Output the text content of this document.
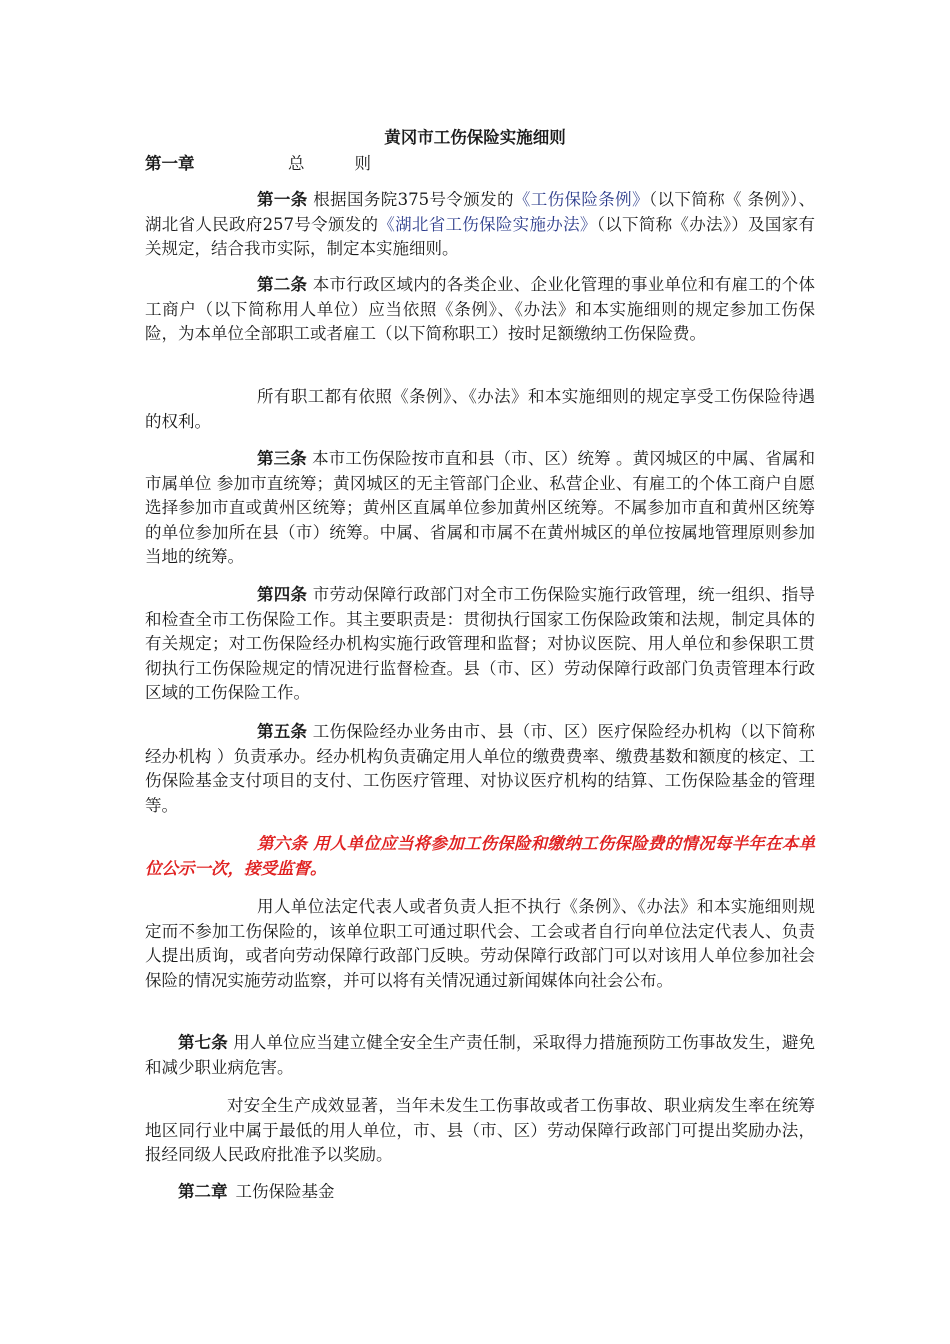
黄冈市工伤保险实施细则
第一章	总则
第一条 根据国务院375号令颁发的《工伤保险条例》（以下简称《 条例》）、湖北省人民政府257号令颁发的《湖北省工伤保险实施办法》（以下简称《办法》）及国家有关规定，结合我市实际，制定本实施细则。
第二条 本市行政区域内的各类企业、企业化管理的事业单位和有雇工的个体工商户（以下简称用人单位）应当依照《条例》、《办法》和本实施细则的规定参加工伤保险，为本单位全部职工或者雇工（以下简称职工）按时足额缴纳工伤保险费。
所有职工都有依照《条例》、《办法》和本实施细则的规定享受工伤保险待遇的权利。
第三条 本市工伤保险按市直和县（市、区）统筹 。黄冈城区的中属、省属和市属单位 参加市直统筹；黄冈城区的无主管部门企业、私营企业、有雇工的个体工商户自愿选择参加市直或黄州区统筹；黄州区直属单位参加黄州区统筹。不属参加市直和黄州区统筹的单位参加所在县（市）统筹。中属、省属和市属不在黄州城区的单位按属地管理原则参加当地的统筹。
第四条 市劳动保障行政部门对全市工伤保险实施行政管理，统一组织、指导和检查全市工伤保险工作。其主要职责是：贯彻执行国家工伤保险政策和法规，制定具体的有关规定；对工伤保险经办机构实施行政管理和监督；对协议医院、用人单位和参保职工贯彻执行工伤保险规定的情况进行监督检查。县（市、区）劳动保障行政部门负责管理本行政区域的工伤保险工作。
第五条 工伤保险经办业务由市、县（市、区）医疗保险经办机构（以下简称 经办机构 ）负责承办。经办机构负责确定用人单位的缴费费率、缴费基数和额度的核定、工伤保险基金支付项目的支付、工伤医疗管理、对协议医疗机构的结算、工伤保险基金的管理等。
第六条 用人单位应当将参加工伤保险和缴纳工伤保险费的情况每半年在本单 位公示一次，接受监督。
用人单位法定代表人或者负责人拒不执行《条例》、《办法》和本实施细则规定而不参加工伤保险的，该单位职工可通过职代会、工会或者自行向单位法定代表人、负责人提出质询，或者向劳动保障行政部门反映。劳动保障行政部门可以对该用人单位参加社会保险的情况实施劳动监察，并可以将有关情况通过新闻媒体向社会公布。
第七条 用人单位应当建立健全安全生产责任制，采取得力措施预防工伤事故发生，避免和减少职业病危害。
对安全生产成效显著，当年未发生工伤事故或者工伤事故、职业病发生率在统筹地区同行业中属于最低的用人单位，市、县（市、区）劳动保障行政部门可提出奖励办法，报经同级人民政府批准予以奖励。
第二章 工伤保险基金
